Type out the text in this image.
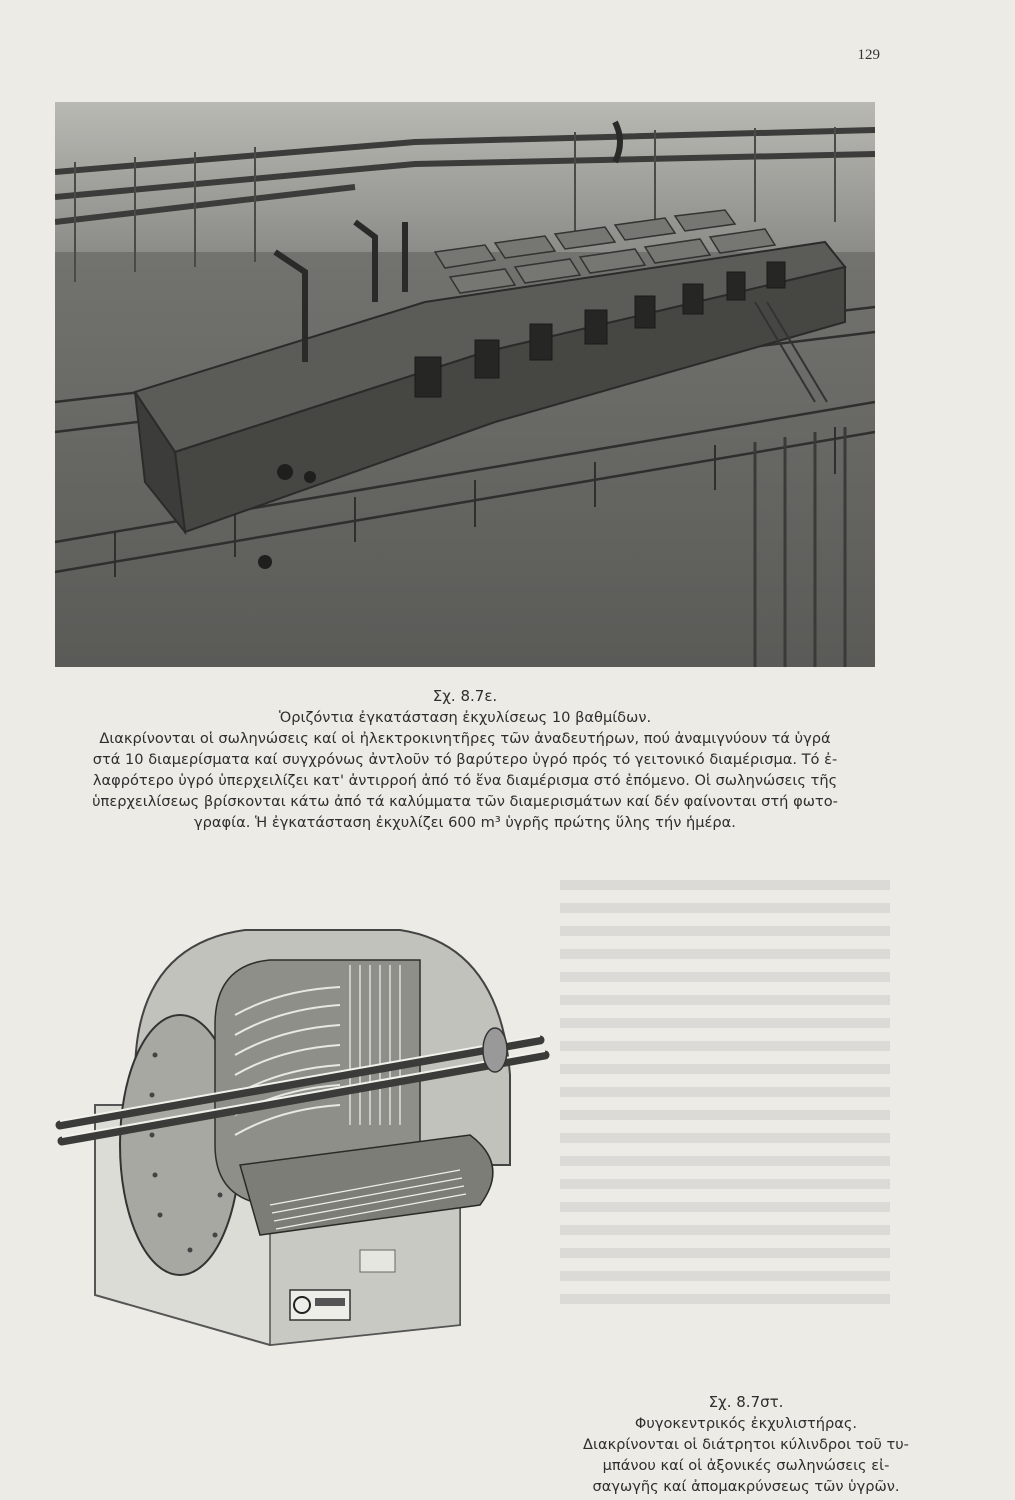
129
Σχ. 8.7ε.
Ὁριζόντια ἐγκατάσταση ἐκχυλίσεως 10 βαθμίδων.
Διακρίνονται οἱ σωληνώσεις καί οἱ ἠλεκτροκινητῆρες τῶν ἀναδευτήρων, πού ἀναμιγνύουν τά ὑγρά
στά 10 διαμερίσματα καί συγχρόνως ἀντλοῦν τό βαρύτερο ὑγρό πρός τό γειτονικό διαμέρισμα. Τό ἐ-
λαφρότερο ὑγρό ὑπερχειλίζει κατ' ἀντιρροή ἀπό τό ἕνα διαμέρισμα στό ἑπόμενο. Οἱ σωληνώσεις τῆς
ὑπερχειλίσεως βρίσκονται κάτω ἀπό τά καλύμματα τῶν διαμερισμάτων καί δέν φαίνονται στή φωτο-
γραφία. Ἡ ἐγκατάσταση ἐκχυλίζει 600 m³ ὑγρῆς πρώτης ὕλης τήν ἡμέρα.
Σχ. 8.7στ.
Φυγοκεντρικός ἐκχυλιστήρας.
Διακρίνονται οἱ διάτρητοι κύλινδροι τοῦ τυ-
μπάνου καί οἱ ἀξονικές σωληνώσεις εἰ-
σαγωγῆς καί ἀπομακρύνσεως τῶν ὑγρῶν.
